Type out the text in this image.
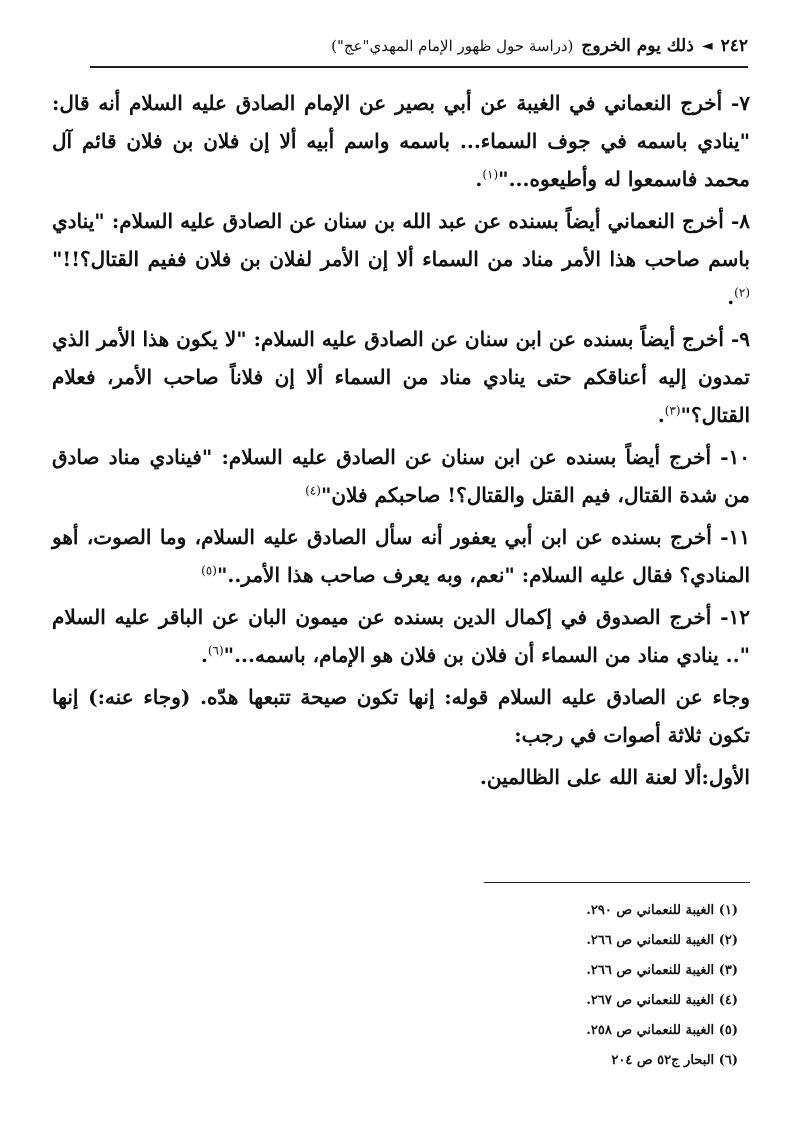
٢٤٢
◄
ذلك يوم الخروج
(دراسة حول ظهور الإمام المهدي"عج")

٧- أخرج النعماني في الغيبة عن أبي بصير عن الإمام الصادق عليه السلام أنه قال: "ينادي باسمه في جوف السماء... باسمه واسم أبيه ألا إن فلان بن فلان قائم آل محمد فاسمعوا له وأطيعوه..."$^{(١)}$.

٨- أخرج النعماني أيضاً بسنده عن عبد الله بن سنان عن الصادق عليه السلام: "ينادي باسم صاحب هذا الأمر مناد من السماء ألا إن الأمر لفلان بن فلان ففيم القتال؟!!"$^{(٢)}$.

٩- أخرج أيضاً بسنده عن ابن سنان عن الصادق عليه السلام: "لا يكون هذا الأمر الذي تمدون إليه أعناقكم حتى ينادي مناد من السماء ألا إن فلاناً صاحب الأمر، فعلام القتال؟"$^{(٣)}$.

١٠- أخرج أيضاً بسنده عن ابن سنان عن الصادق عليه السلام: "فينادي مناد صادق من شدة القتال، فيم القتل والقتال؟! صاحبكم فلان"$^{(٤)}$

١١- أخرج بسنده عن ابن أبي يعفور أنه سأل الصادق عليه السلام، وما الصوت، أهو المنادي؟ فقال عليه السلام: "نعم، وبه يعرف صاحب هذا الأمر.."$^{(٥)}$

١٢- أخرج الصدوق في إكمال الدين بسنده عن ميمون البان عن الباقر عليه السلام ".. ينادي مناد من السماء أن فلان بن فلان هو الإمام، باسمه..."$^{(٦)}$.

وجاء عن الصادق عليه السلام قوله: إنها تكون صيحة تتبعها هدّه. (وجاء عنه:) إنها تكون ثلاثة أصوات في رجب:

الأول:ألا لعنة الله على الظالمين.

(١) الغيبة للنعماني ص ٢٩٠.
(٢) الغيبة للنعماني ص ٢٦٦.
(٣) الغيبة للنعماني ص ٢٦٦.
(٤) الغيبة للنعماني ص ٢٦٧.
(٥) الغيبة للنعماني ص ٢٥٨.
(٦) البحار ج٥٢ ص ٢٠٤
